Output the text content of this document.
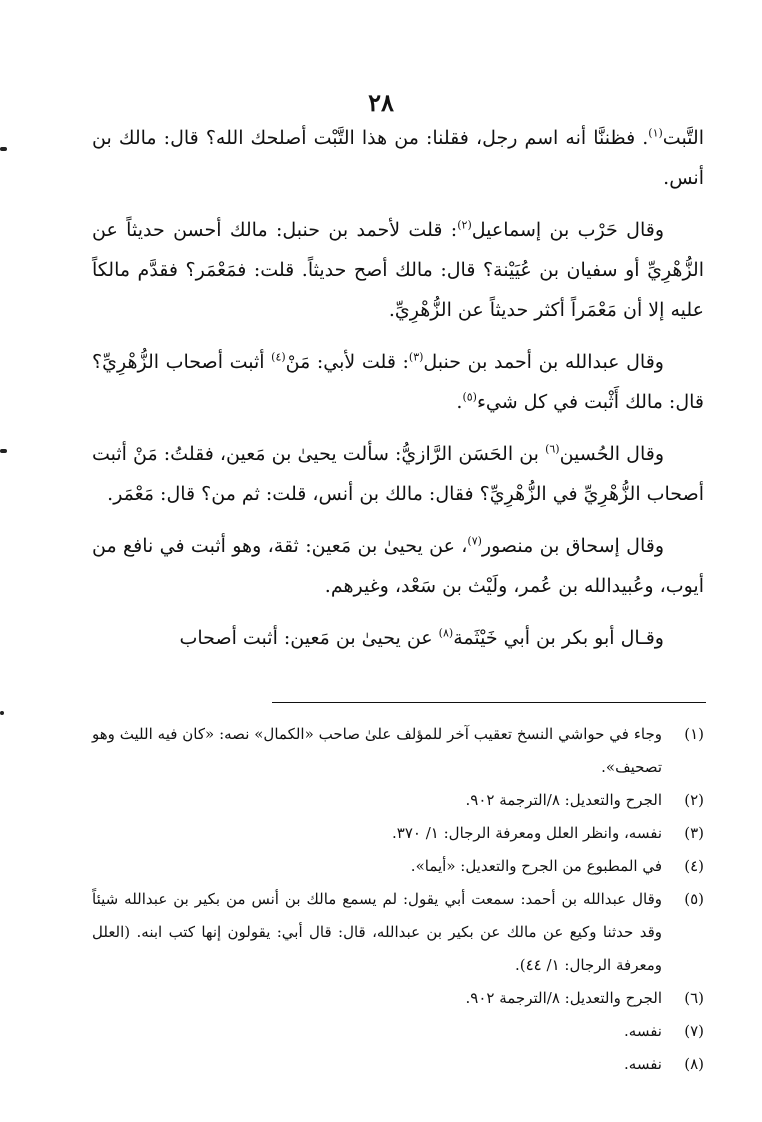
٢٨

التَّبت$^{(١)}$. فظننَّا أنه اسم رجل، فقلنا: من هذا التَّبْت أصلحك الله؟ قال: مالك بن أنس.

وقال حَرْب بن إسماعيل$^{(٢)}$: قلت لأحمد بن حنبل: مالك أحسن حديثاً عن الزُّهْرِيِّ أو سفيان بن عُيَيْنة؟ قال: مالك أصح حديثاً. قلت: فمَعْمَر؟ فقدَّم مالكاً عليه إلا أن مَعْمَراً أكثر حديثاً عن الزُّهْرِيِّ.

وقال عبدالله بن أحمد بن حنبل$^{(٣)}$: قلت لأبي: مَنْ$^{(٤)}$ أثبت أصحاب الزُّهْرِيِّ؟ قال: مالك أَثْبت في كل شيء$^{(٥)}$.

وقال الحُسين$^{(٦)}$ بن الحَسَن الرَّازيُّ: سألت يحيىٰ بن مَعين، فقلتُ: مَنْ أثبت أصحاب الزُّهْرِيِّ في الزُّهْرِيِّ؟ فقال: مالك بن أنس، قلت: ثم من؟ قال: مَعْمَر.

وقال إسحاق بن منصور$^{(٧)}$، عن يحيىٰ بن مَعين: ثقة، وهو أثبت في نافع من أيوب، وعُبيدالله بن عُمر، ولَيْث بن سَعْد، وغيرهم.

وقـال أبو بكر بن أبي خَيْثَمة$^{(٨)}$ عن يحيىٰ بن مَعين: أثبت أصحاب

(١)
وجاء في حواشي النسخ تعقيب آخر للمؤلف علىٰ صاحب «الكمال» نصه: «كان فيه الليث وهو تصحيف».
(٢)
الجرح والتعديل: ٨/الترجمة ٩٠٢.
(٣)
نفسه، وانظر العلل ومعرفة الرجال: ١/ ٣٧٠.
(٤)
في المطبوع من الجرح والتعديل: «أيما».
(٥)
وقال عبدالله بن أحمد: سمعت أبي يقول: لم يسمع مالك بن أنس من بكير بن عبدالله شيئاً وقد حدثنا وكيع عن مالك عن بكير بن عبدالله، قال: قال أبي: يقولون إنها كتب ابنه. (العلل ومعرفة الرجال: ١/ ٤٤).
(٦)
الجرح والتعديل: ٨/الترجمة ٩٠٢.
(٧)
نفسه.
(٨)
نفسه.
